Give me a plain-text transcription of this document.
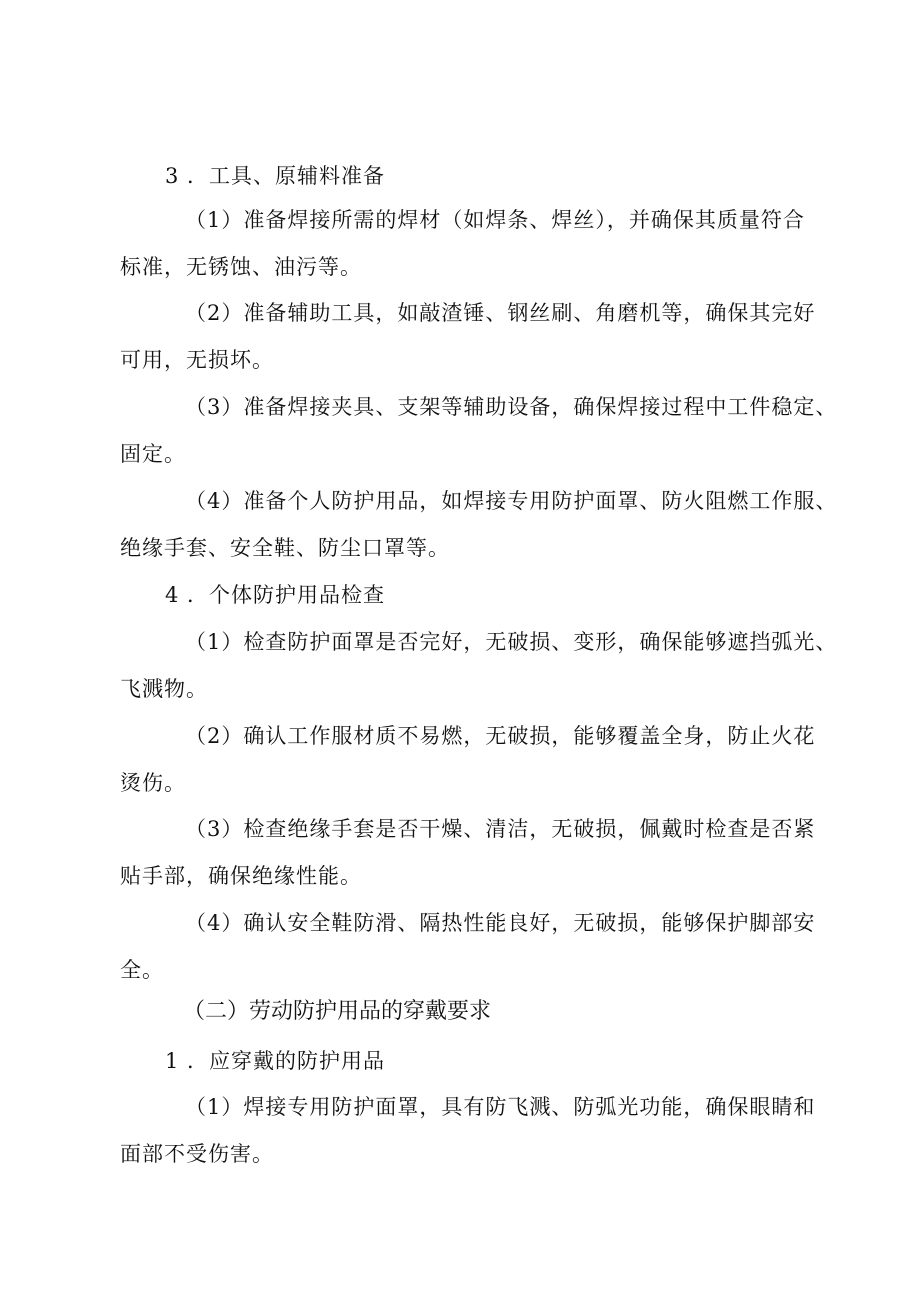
3 ．工具、原辅料准备
（1）准备焊接所需的焊材（如焊条、焊丝），并确保其质量符合
标准，无锈蚀、油污等。
（2）准备辅助工具，如敲渣锤、钢丝刷、角磨机等，确保其完好
可用，无损坏。
（3）准备焊接夹具、支架等辅助设备，确保焊接过程中工件稳定、
固定。
（4）准备个人防护用品，如焊接专用防护面罩、防火阻燃工作服、
绝缘手套、安全鞋、防尘口罩等。
4 ．个体防护用品检查
（1）检查防护面罩是否完好，无破损、变形，确保能够遮挡弧光、
飞溅物。
（2）确认工作服材质不易燃，无破损，能够覆盖全身，防止火花
烫伤。
（3）检查绝缘手套是否干燥、清洁，无破损，佩戴时检查是否紧
贴手部，确保绝缘性能。
（4）确认安全鞋防滑、隔热性能良好，无破损，能够保护脚部安
全。
（二）劳动防护用品的穿戴要求
1 ．应穿戴的防护用品
（1）焊接专用防护面罩，具有防飞溅、防弧光功能，确保眼睛和
面部不受伤害。
